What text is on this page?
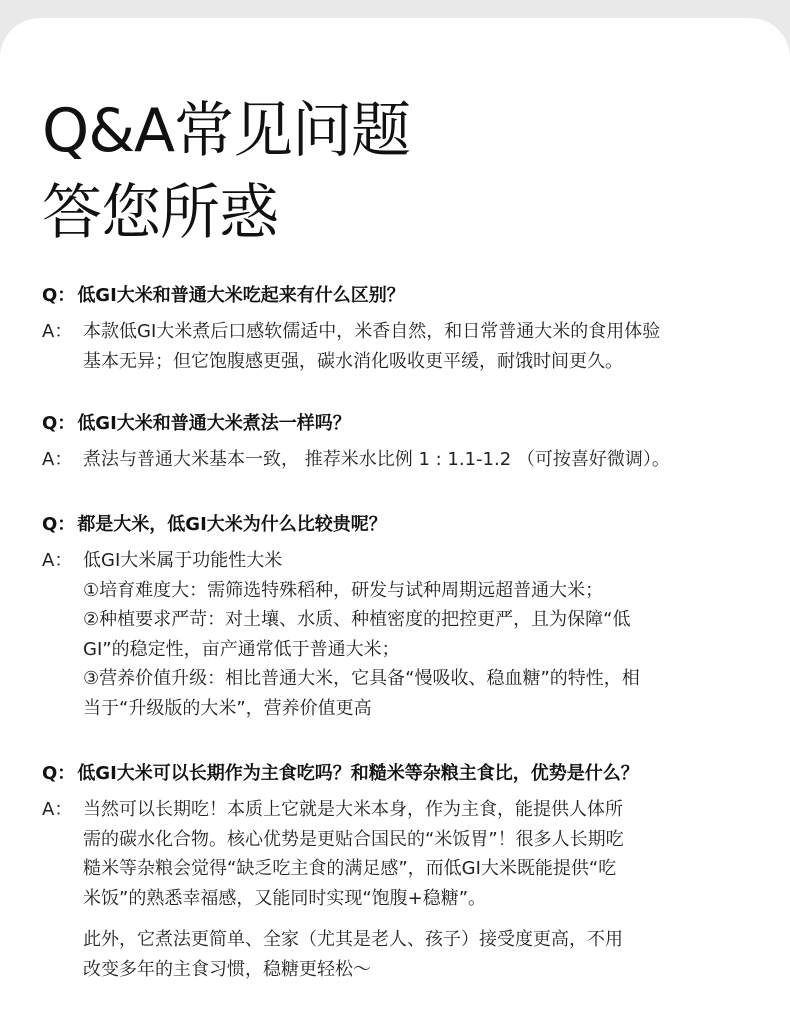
Q&A常见问题
答您所惑
Q： 低GI大米和普通大米吃起来有什么区别？
A： 本款低GI大米煮后口感软儒适中，米香自然，和日常普通大米的食用体验
基本无异；但它饱腹感更强，碳水消化吸收更平缓，耐饿时间更久。
Q： 低GI大米和普通大米煮法一样吗？
A： 煮法与普通大米基本一致， 推荐米水比例 1 : 1.1-1.2 （可按喜好微调）。
Q： 都是大米，低GI大米为什么比较贵呢？
A： 低GI大米属于功能性大米
①培育难度大：需筛选特殊稻种，研发与试种周期远超普通大米；
②种植要求严苛：对土壤、水质、种植密度的把控更严，且为保障“低
GI”的稳定性，亩产通常低于普通大米；
③营养价值升级：相比普通大米，它具备“慢吸收、稳血糖”的特性，相
当于“升级版的大米”，营养价值更高
Q： 低GI大米可以长期作为主食吃吗？和糙米等杂粮主食比，优势是什么？
A： 当然可以长期吃！本质上它就是大米本身，作为主食，能提供人体所
需的碳水化合物。核心优势是更贴合国民的“米饭胃”！很多人长期吃
糙米等杂粮会觉得“缺乏吃主食的满足感”，而低GI大米既能提供“吃
米饭”的熟悉幸福感，又能同时实现“饱腹+稳糖”。
此外，它煮法更简单、全家（尤其是老人、孩子）接受度更高，不用
改变多年的主食习惯，稳糖更轻松～
